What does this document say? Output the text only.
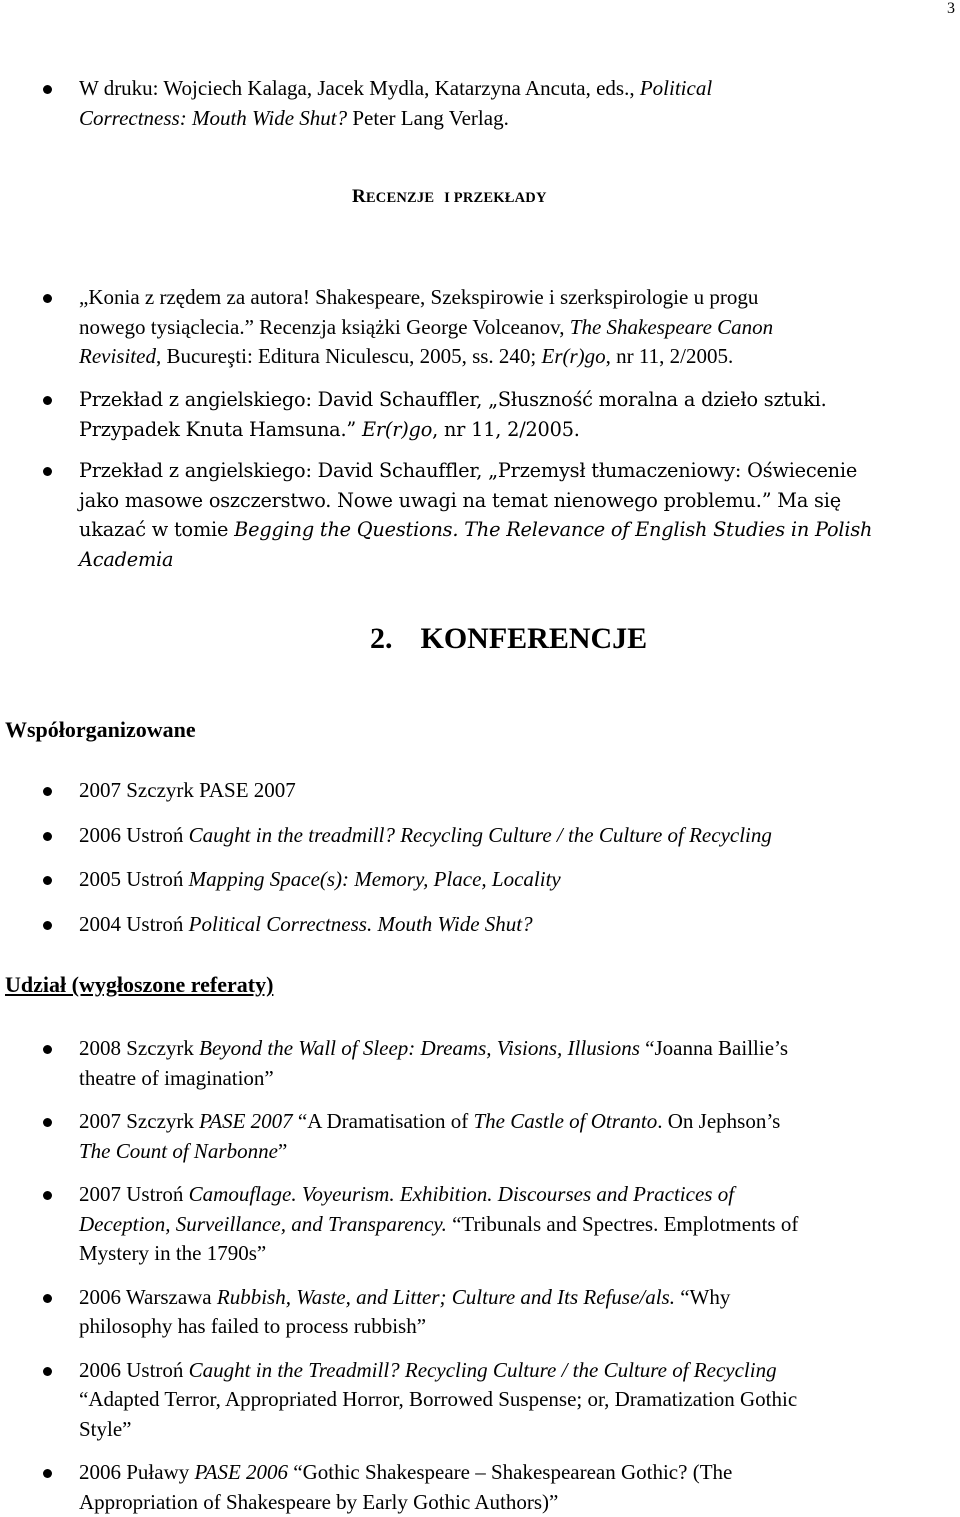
3
W druku: Wojciech Kalaga, Jacek Mydla, Katarzyna Ancuta, eds., Political
Correctness: Mouth Wide Shut? Peter Lang Verlag.
RECENZJE I PRZEKŁADY
„Konia z rzędem za autora! Shakespeare, Szekspirowie i szerkspirologie u progu
nowego tysiąclecia.” Recenzja książki George Volceanov, The Shakespeare Canon
Revisited, Bucureşti: Editura Niculescu, 2005, ss. 240; Er(r)go, nr 11, 2/2005.
Przekład z angielskiego: David Schauffler, „Słuszność moralna a dzieło sztuki.
Przypadek Knuta Hamsuna.” Er(r)go, nr 11, 2/2005.
Przekład z angielskiego: David Schauffler, „Przemysł tłumaczeniowy: Oświecenie
jako masowe oszczerstwo. Nowe uwagi na temat nienowego problemu.” Ma się
ukazać w tomie Begging the Questions. The Relevance of English Studies in Polish
Academia
2. KONFERENCJE
Współorganizowane
2007 Szczyrk PASE 2007
2006 Ustroń Caught in the treadmill? Recycling Culture / the Culture of Recycling
2005 Ustroń Mapping Space(s): Memory, Place, Locality
2004 Ustroń Political Correctness. Mouth Wide Shut?
Udział (wygłoszone referaty)
2008 Szczyrk Beyond the Wall of Sleep: Dreams, Visions, Illusions “Joanna Baillie’s
theatre of imagination”
2007 Szczyrk PASE 2007 “A Dramatisation of The Castle of Otranto. On Jephson’s
The Count of Narbonne”
2007 Ustroń Camouflage. Voyeurism. Exhibition. Discourses and Practices of
Deception, Surveillance, and Transparency. “Tribunals and Spectres. Emplotments of
Mystery in the 1790s”
2006 Warszawa Rubbish, Waste, and Litter; Culture and Its Refuse/als. “Why
philosophy has failed to process rubbish”
2006 Ustroń Caught in the Treadmill? Recycling Culture / the Culture of Recycling
“Adapted Terror, Appropriated Horror, Borrowed Suspense; or, Dramatization Gothic
Style”
2006 Puławy PASE 2006 “Gothic Shakespeare – Shakespearean Gothic? (The
Appropriation of Shakespeare by Early Gothic Authors)”
